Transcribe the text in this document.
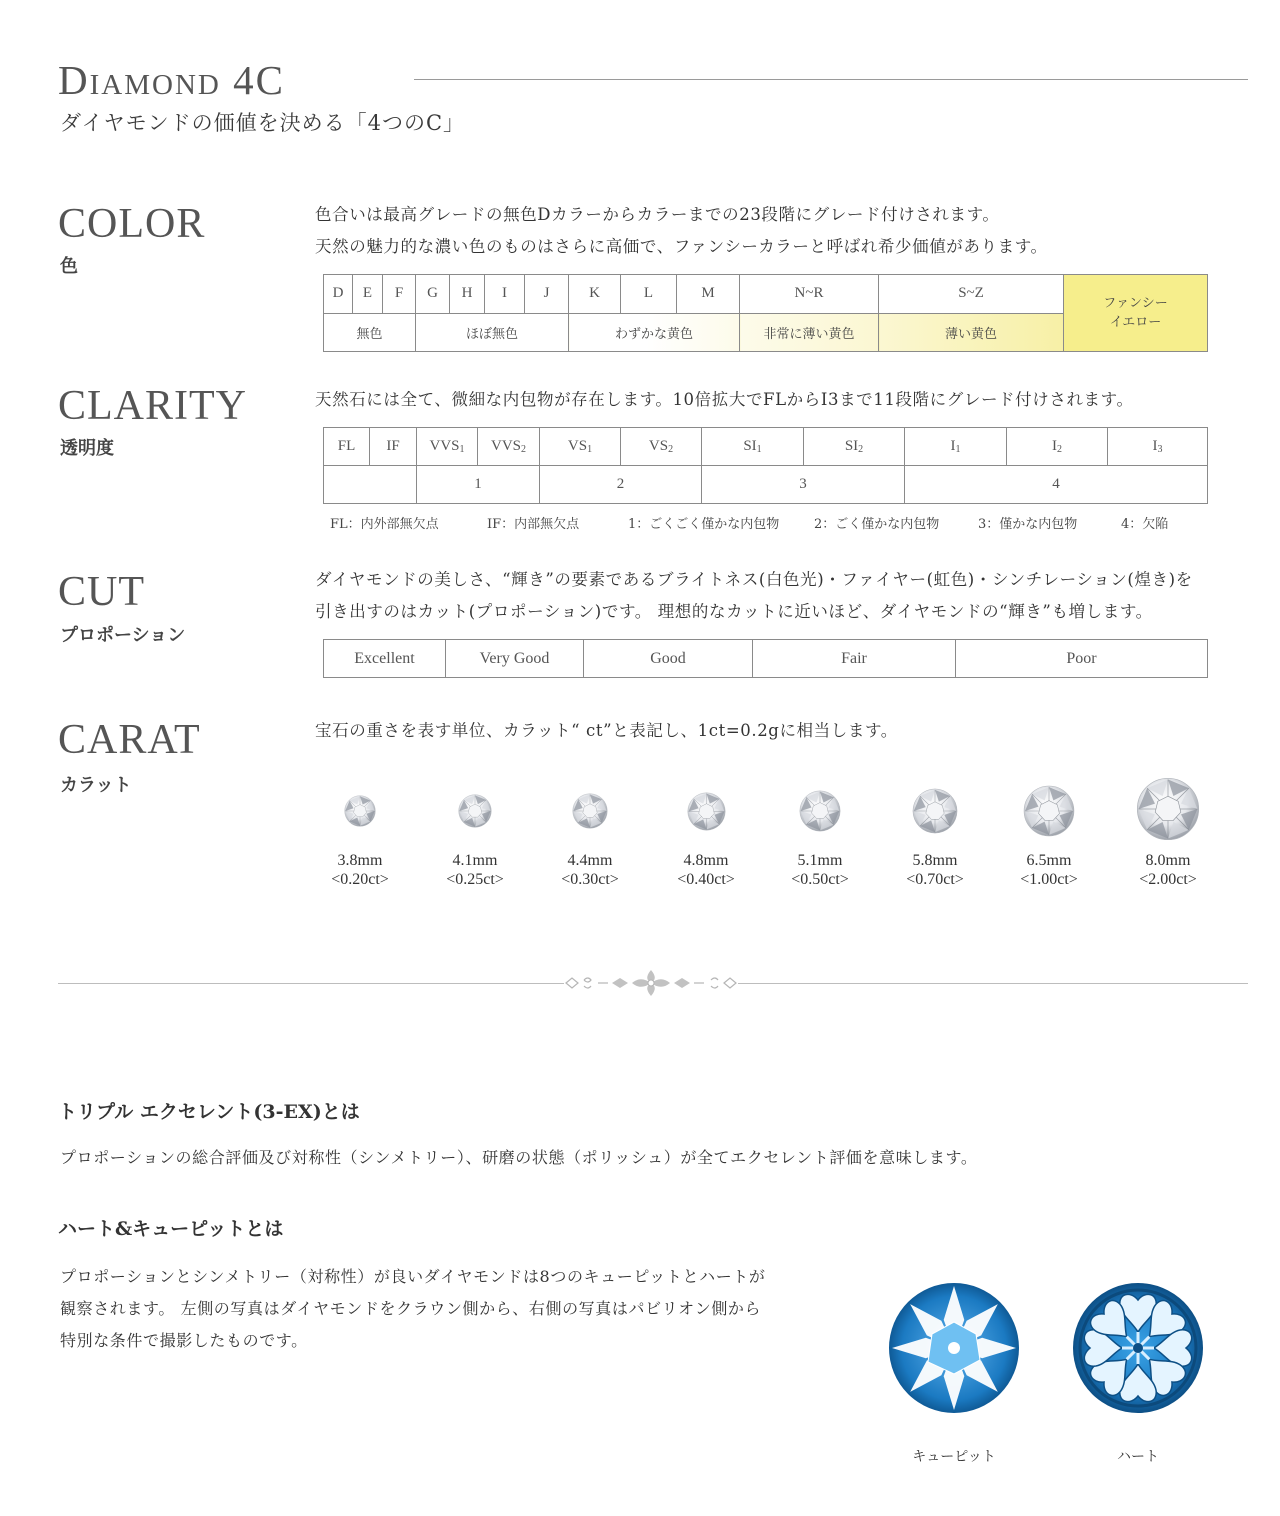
Diamond 4C
ダイヤモンドの価値を決める「4つのC」
COLOR
色
色合いは最高グレードの無色Dカラーからカラーまでの23段階にグレード付けされます。
天然の魅力的な濃い色のものはさらに高価で、ファンシーカラーと呼ばれ希少価値があります。
D	E	F	G	H	I	J	K	L	M	N~R	S~Z	ファンシー
イエロー
無色			ほぼ無色				わずかな黄色			非常に薄い黄色	薄い黄色	
CLARITY
透明度
天然石には全て、微細な内包物が存在します。10倍拡大でFLからI3まで11段階にグレード付けされます。
FL	IF	$VVS_1$	$VVS_2$	$VS_1$	$VS_2$	$SI_1$	$SI_2$	$I_1$	$I_2$	$I_3$
		1		2		3		4		
FL：内外部無欠点	IF：内部無欠点	1：ごくごく僅かな内包物	2：ごく僅かな内包物	3：僅かな内包物	4：欠陥
CUT
プロポーション
ダイヤモンドの美しさ、“輝き”の要素であるブライトネス(白色光)・ファイヤー(虹色)・シンチレーション(煌き)を
引き出すのはカット(プロポーション)です。 理想的なカットに近いほど、ダイヤモンドの“輝き”も増します。
Excellent	Very Good	Good	Fair	Poor
CARAT
カラット
宝石の重さを表す単位、カラット“ ct”と表記し、1ct=0.2gに相当します。
3.8mm
<0.20ct>
4.1mm
<0.25ct>
4.4mm
<0.30ct>
4.8mm
<0.40ct>
5.1mm
<0.50ct>
5.8mm
<0.70ct>
6.5mm
<1.00ct>
8.0mm
<2.00ct>
トリプル エクセレント(3-EX)とは
プロポーションの総合評価及び対称性（シンメトリー）、研磨の状態（ポリッシュ）が全てエクセレント評価を意味します。
ハート&キューピットとは
プロポーションとシンメトリー（対称性）が良いダイヤモンドは8つのキューピットとハートが
観察されます。 左側の写真はダイヤモンドをクラウン側から、右側の写真はパビリオン側から
特別な条件で撮影したものです。
キューピット	ハート
